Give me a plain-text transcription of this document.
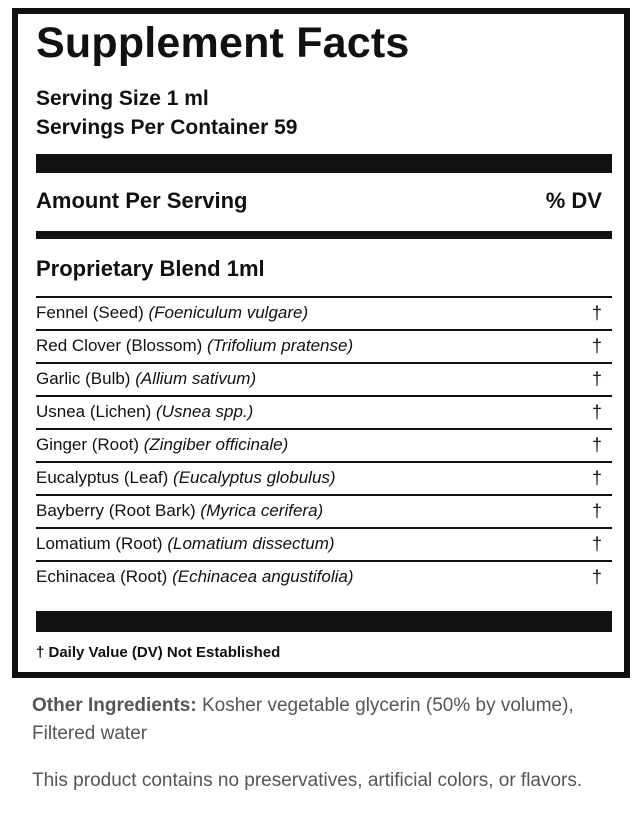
Supplement Facts
Serving Size 1 ml
Servings Per Container 59
Amount Per Serving	% DV
Proprietary Blend 1ml
Fennel (Seed) (Foeniculum vulgare)	†
Red Clover (Blossom) (Trifolium pratense)	†
Garlic (Bulb) (Allium sativum)	†
Usnea (Lichen) (Usnea spp.)	†
Ginger (Root) (Zingiber officinale)	†
Eucalyptus (Leaf) (Eucalyptus globulus)	†
Bayberry (Root Bark) (Myrica cerifera)	†
Lomatium (Root) (Lomatium dissectum)	†
Echinacea (Root) (Echinacea angustifolia)	†
† Daily Value (DV) Not Established
Other Ingredients: Kosher vegetable glycerin (50% by volume), Filtered water
This product contains no preservatives, artificial colors, or flavors.
